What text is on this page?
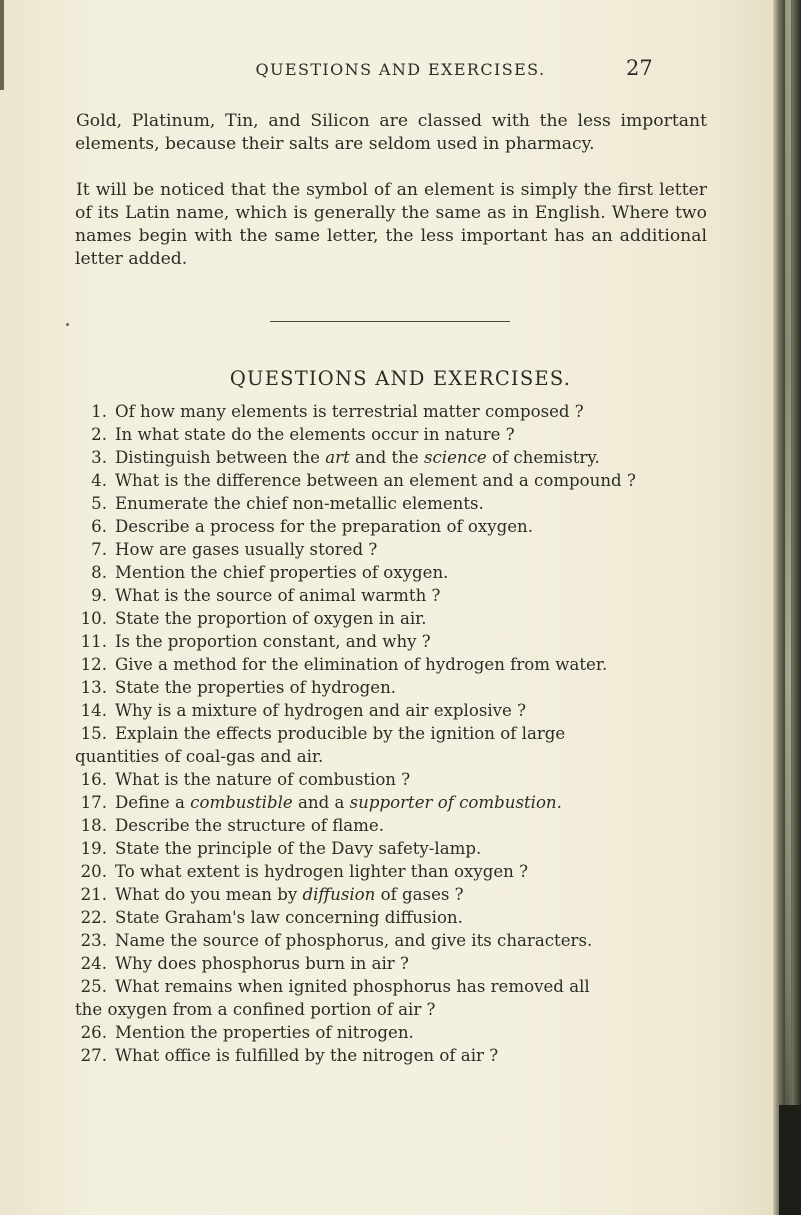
QUESTIONS AND EXERCISES.	27

Gold, Platinum, Tin, and Silicon are classed with the less important elements, because their salts are seldom used in pharmacy.

It will be noticed that the symbol of an element is simply the first letter of its Latin name, which is generally the same as in English. Where two names begin with the same letter, the less important has an additional letter added.

QUESTIONS AND EXERCISES.
1. Of how many elements is terrestrial matter composed ?
2. In what state do the elements occur in nature ?
3. Distinguish between the art and the science of chemistry.
4. What is the difference between an element and a compound ?
5. Enumerate the chief non-metallic elements.
6. Describe a process for the preparation of oxygen.
7. How are gases usually stored ?
8. Mention the chief properties of oxygen.
9. What is the source of animal warmth ?
10. State the proportion of oxygen in air.
11. Is the proportion constant, and why ?
12. Give a method for the elimination of hydrogen from water.
13. State the properties of hydrogen.
14. Why is a mixture of hydrogen and air explosive ?
15. Explain the effects producible by the ignition of large
quantities of coal-gas and air.
16. What is the nature of combustion ?
17. Define a combustible and a supporter of combustion.
18. Describe the structure of flame.
19. State the principle of the Davy safety-lamp.
20. To what extent is hydrogen lighter than oxygen ?
21. What do you mean by diffusion of gases ?
22. State Graham's law concerning diffusion.
23. Name the source of phosphorus, and give its characters.
24. Why does phosphorus burn in air ?
25. What remains when ignited phosphorus has removed all
the oxygen from a confined portion of air ?
26. Mention the properties of nitrogen.
27. What office is fulfilled by the nitrogen of air ?
